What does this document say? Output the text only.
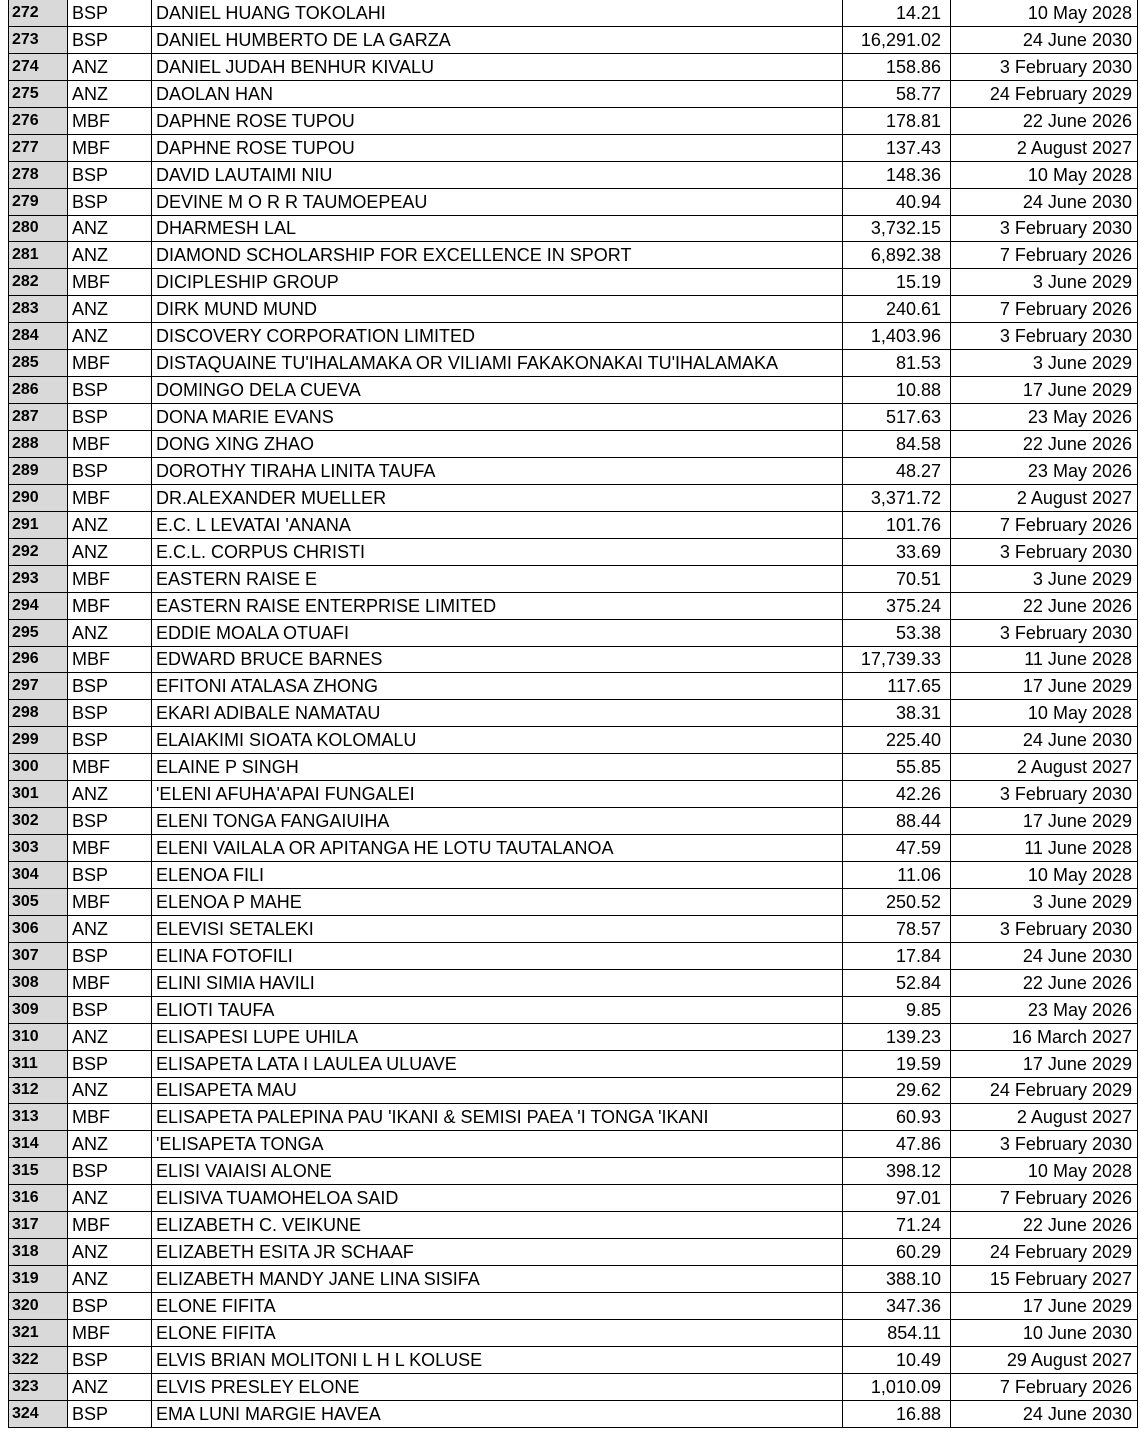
272	BSP	DANIEL HUANG TOKOLAHI	14.21	10 May 2028
273	BSP	DANIEL HUMBERTO DE LA GARZA	16,291.02	24 June 2030
274	ANZ	DANIEL JUDAH BENHUR KIVALU	158.86	3 February 2030
275	ANZ	DAOLAN HAN	58.77	24 February 2029
276	MBF	DAPHNE ROSE TUPOU	178.81	22 June 2026
277	MBF	DAPHNE ROSE TUPOU	137.43	2 August 2027
278	BSP	DAVID LAUTAIMI NIU	148.36	10 May 2028
279	BSP	DEVINE M O R R TAUMOEPEAU	40.94	24 June 2030
280	ANZ	DHARMESH LAL	3,732.15	3 February 2030
281	ANZ	DIAMOND SCHOLARSHIP FOR EXCELLENCE IN SPORT	6,892.38	7 February 2026
282	MBF	DICIPLESHIP GROUP	15.19	3 June 2029
283	ANZ	DIRK MUND MUND	240.61	7 February 2026
284	ANZ	DISCOVERY CORPORATION LIMITED	1,403.96	3 February 2030
285	MBF	DISTAQUAINE TU'IHALAMAKA OR VILIAMI FAKAKONAKAI TU'IHALAMAKA	81.53	3 June 2029
286	BSP	DOMINGO DELA CUEVA	10.88	17 June 2029
287	BSP	DONA MARIE EVANS	517.63	23 May 2026
288	MBF	DONG XING ZHAO	84.58	22 June 2026
289	BSP	DOROTHY TIRAHA LINITA TAUFA	48.27	23 May 2026
290	MBF	DR.ALEXANDER MUELLER	3,371.72	2 August 2027
291	ANZ	E.C. L LEVATAI 'ANANA	101.76	7 February 2026
292	ANZ	E.C.L. CORPUS CHRISTI	33.69	3 February 2030
293	MBF	EASTERN RAISE E	70.51	3 June 2029
294	MBF	EASTERN RAISE ENTERPRISE LIMITED	375.24	22 June 2026
295	ANZ	EDDIE MOALA OTUAFI	53.38	3 February 2030
296	MBF	EDWARD BRUCE BARNES	17,739.33	11 June 2028
297	BSP	EFITONI ATALASA ZHONG	117.65	17 June 2029
298	BSP	EKARI ADIBALE NAMATAU	38.31	10 May 2028
299	BSP	ELAIAKIMI SIOATA KOLOMALU	225.40	24 June 2030
300	MBF	ELAINE P SINGH	55.85	2 August 2027
301	ANZ	'ELENI AFUHA'APAI FUNGALEI	42.26	3 February 2030
302	BSP	ELENI TONGA FANGAIUIHA	88.44	17 June 2029
303	MBF	ELENI VAILALA OR APITANGA HE LOTU TAUTALANOA	47.59	11 June 2028
304	BSP	ELENOA FILI	11.06	10 May 2028
305	MBF	ELENOA P MAHE	250.52	3 June 2029
306	ANZ	ELEVISI SETALEKI	78.57	3 February 2030
307	BSP	ELINA FOTOFILI	17.84	24 June 2030
308	MBF	ELINI SIMIA HAVILI	52.84	22 June 2026
309	BSP	ELIOTI TAUFA	9.85	23 May 2026
310	ANZ	ELISAPESI LUPE UHILA	139.23	16 March 2027
311	BSP	ELISAPETA LATA I LAULEA ULUAVE	19.59	17 June 2029
312	ANZ	ELISAPETA MAU	29.62	24 February 2029
313	MBF	ELISAPETA PALEPINA PAU 'IKANI & SEMISI PAEA 'I TONGA 'IKANI	60.93	2 August 2027
314	ANZ	'ELISAPETA TONGA	47.86	3 February 2030
315	BSP	ELISI VAIAISI ALONE	398.12	10 May 2028
316	ANZ	ELISIVA TUAMOHELOA SAID	97.01	7 February 2026
317	MBF	ELIZABETH C. VEIKUNE	71.24	22 June 2026
318	ANZ	ELIZABETH ESITA JR SCHAAF	60.29	24 February 2029
319	ANZ	ELIZABETH MANDY JANE LINA SISIFA	388.10	15 February 2027
320	BSP	ELONE FIFITA	347.36	17 June 2029
321	MBF	ELONE FIFITA	854.11	10 June 2030
322	BSP	ELVIS BRIAN MOLITONI L H L KOLUSE	10.49	29 August 2027
323	ANZ	ELVIS PRESLEY ELONE	1,010.09	7 February 2026
324	BSP	EMA LUNI MARGIE HAVEA	16.88	24 June 2030
